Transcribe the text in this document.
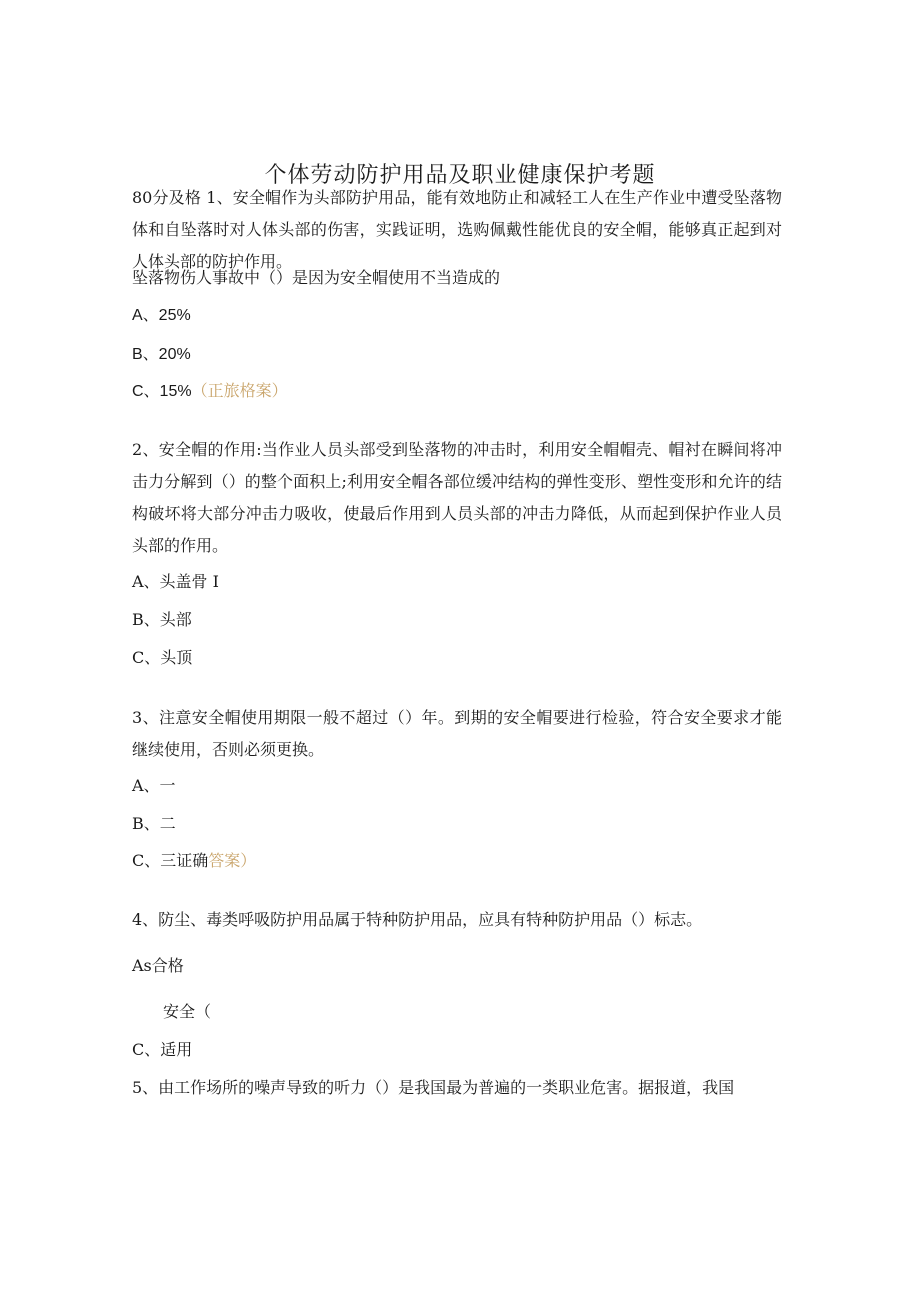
个体劳动防护用品及职业健康保护考题
80分及格 1、安全帽作为头部防护用品，能有效地防止和减轻工人在生产作业中遭受坠落物体和自坠落时对人体头部的伤害，实践证明，选购佩戴性能优良的安全帽，能够真正起到对人体头部的防护作用。
坠落物伤人事故中（）是因为安全帽使用不当造成的
A、25%
B、20%
C、15%（正旅格案）
2、安全帽的作用:当作业人员头部受到坠落物的冲击时，利用安全帽帽壳、帽衬在瞬间将冲击力分解到（）的整个面积上;利用安全帽各部位缓冲结构的弹性变形、塑性变形和允许的结构破坏将大部分冲击力吸收，使最后作用到人员头部的冲击力降低，从而起到保护作业人员头部的作用。
A、头盖骨 I
B、头部
C、头顶
3、注意安全帽使用期限一般不超过（）年。到期的安全帽要进行检验，符合安全要求才能继续使用，否则必须更换。
A、一
B、二
C、三证确答案）
4、防尘、毒类呼吸防护用品属于特种防护用品，应具有特种防护用品（）标志。
As合格
安全（
C、适用
5、由工作场所的噪声导致的听力（）是我国最为普遍的一类职业危害。据报道，我国
